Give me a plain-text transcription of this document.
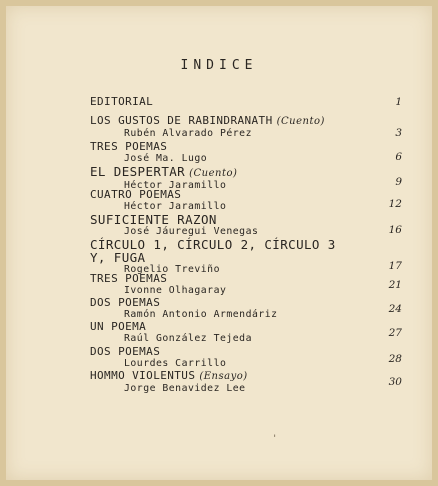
INDICE
EDITORIAL	1
LOS GUSTOS DE RABINDRANATH (Cuento)
Rubén Alvarado Pérez	3
TRES POEMAS
José Ma. Lugo	6
EL DESPERTAR (Cuento)
Héctor Jaramillo	9
CUATRO POEMAS
Héctor Jaramillo	12
SUFICIENTE RAZON
José Jáuregui Venegas	16
CÍRCULO 1, CÍRCULO 2, CÍRCULO 3
Y, FUGA
Rogelio Treviño	17
TRES POEMAS
Ivonne Olhagaray	21
DOS POEMAS
Ramón Antonio Armendáriz	24
UN POEMA
Raúl González Tejeda	27
DOS POEMAS
Lourdes Carrillo	28
HOMMO VIOLENTUS (Ensayo)
Jorge Benavidez Lee
30
'
